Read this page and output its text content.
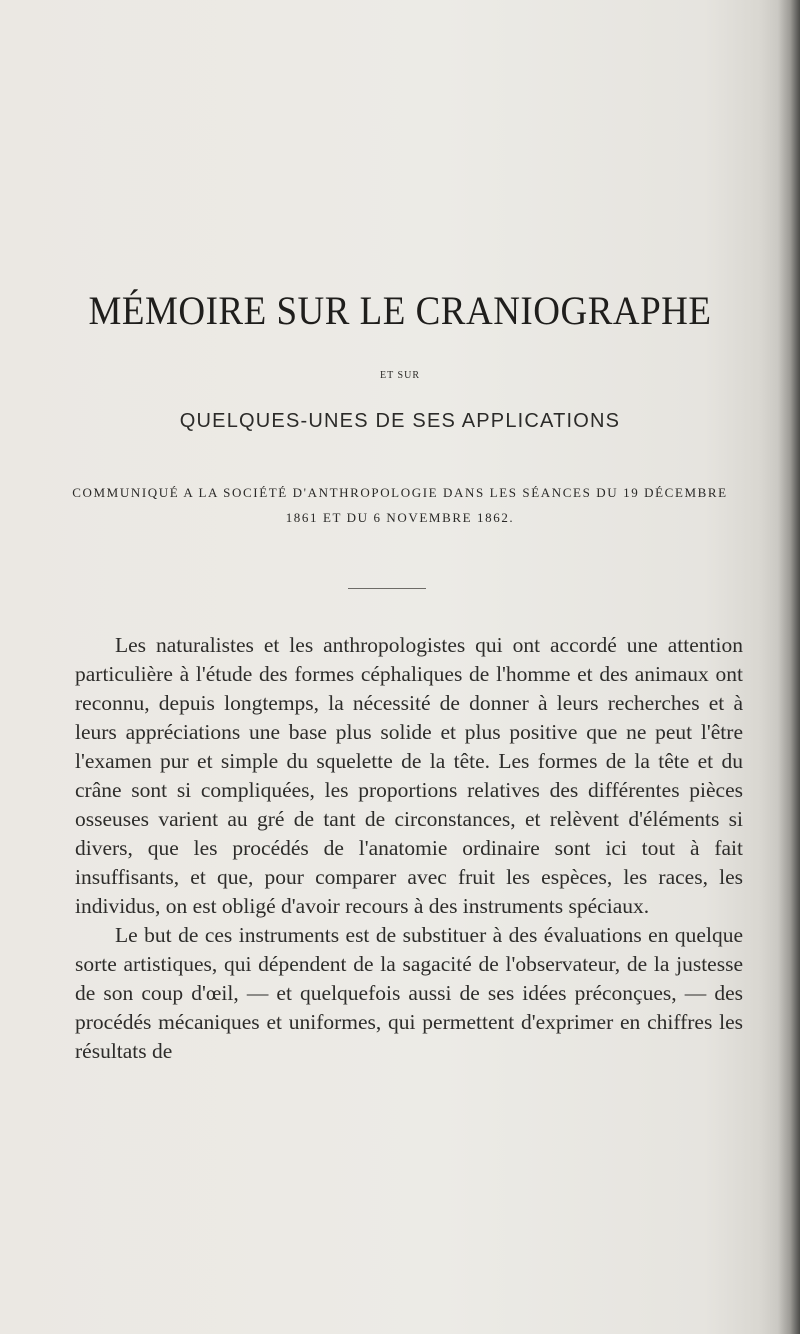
MÉMOIRE SUR LE CRANIOGRAPHE
ET SUR
QUELQUES-UNES DE SES APPLICATIONS
COMMUNIQUÉ A LA SOCIÉTÉ D'ANTHROPOLOGIE DANS LES SÉANCES DU 19 DÉCEMBRE 1861 ET DU 6 NOVEMBRE 1862.

Les naturalistes et les anthropologistes qui ont accordé une attention particulière à l'étude des formes céphaliques de l'homme et des animaux ont reconnu, depuis longtemps, la nécessité de donner à leurs recherches et à leurs appréciations une base plus solide et plus positive que ne peut l'être l'examen pur et simple du squelette de la tête. Les formes de la tête et du crâne sont si compliquées, les proportions relatives des différentes pièces osseuses varient au gré de tant de circonstances, et relèvent d'éléments si divers, que les procédés de l'anatomie ordinaire sont ici tout à fait insuffisants, et que, pour comparer avec fruit les espèces, les races, les individus, on est obligé d'avoir recours à des instruments spéciaux.

Le but de ces instruments est de substituer à des évaluations en quelque sorte artistiques, qui dépendent de la sagacité de l'observateur, de la justesse de son coup d'œil, — et quelquefois aussi de ses idées préconçues, — des procédés mécaniques et uniformes, qui permettent d'exprimer en chiffres les résultats de
